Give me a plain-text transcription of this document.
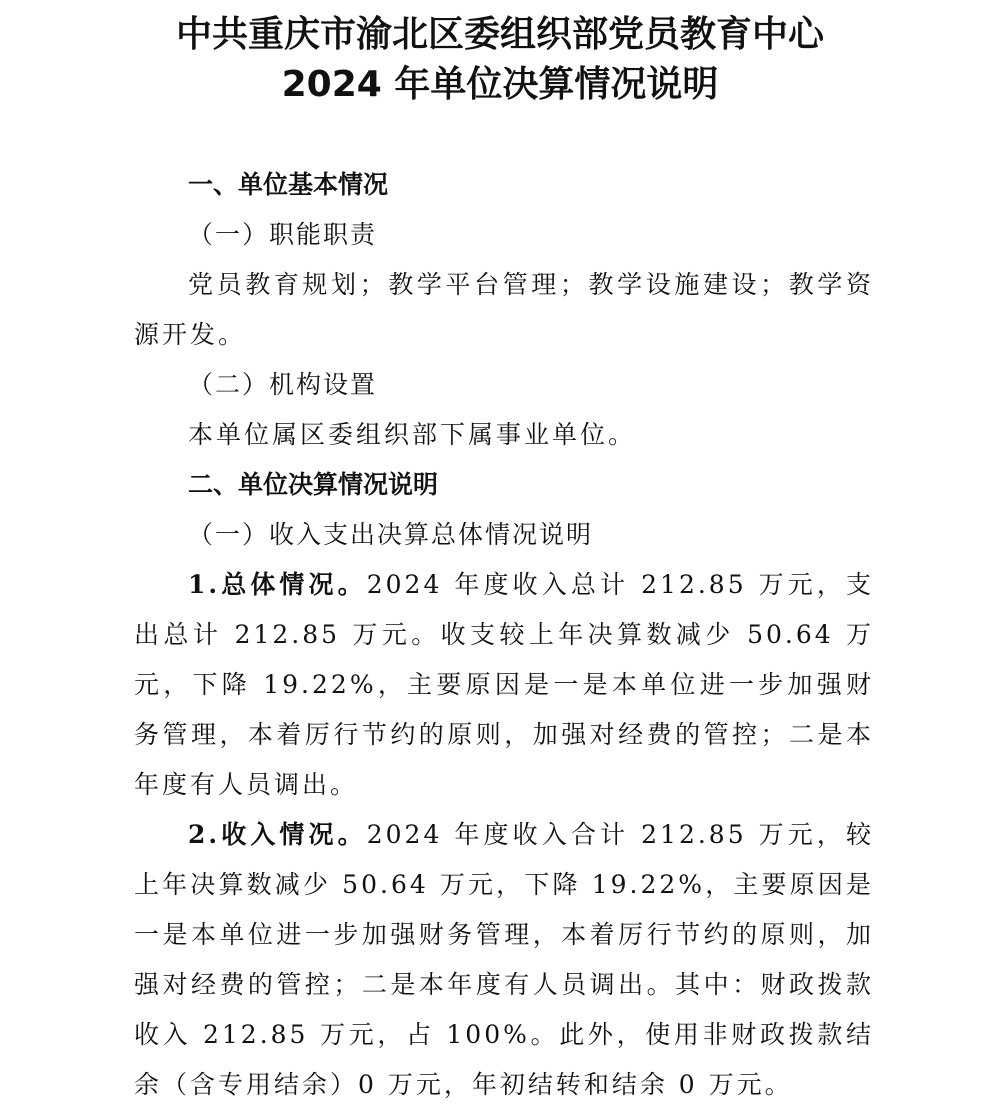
中共重庆市渝北区委组织部党员教育中心
2024 年单位决算情况说明

一、单位基本情况

（一）职能职责

党员教育规划；教学平台管理；教学设施建设；教学资源开发。

（二）机构设置

本单位属区委组织部下属事业单位。

二、单位决算情况说明

（一）收入支出决算总体情况说明

1.总体情况。2024 年度收入总计 212.85 万元，支出总计 212.85 万元。收支较上年决算数减少 50.64 万元，下降 19.22%，主要原因是一是本单位进一步加强财务管理，本着厉行节约的原则，加强对经费的管控；二是本年度有人员调出。

2.收入情况。2024 年度收入合计 212.85 万元，较上年决算数减少 50.64 万元，下降 19.22%，主要原因是一是本单位进一步加强财务管理，本着厉行节约的原则，加强对经费的管控；二是本年度有人员调出。其中：财政拨款收入 212.85 万元，占 100%。此外，使用非财政拨款结余（含专用结余）0 万元，年初结转和结余 0 万元。
